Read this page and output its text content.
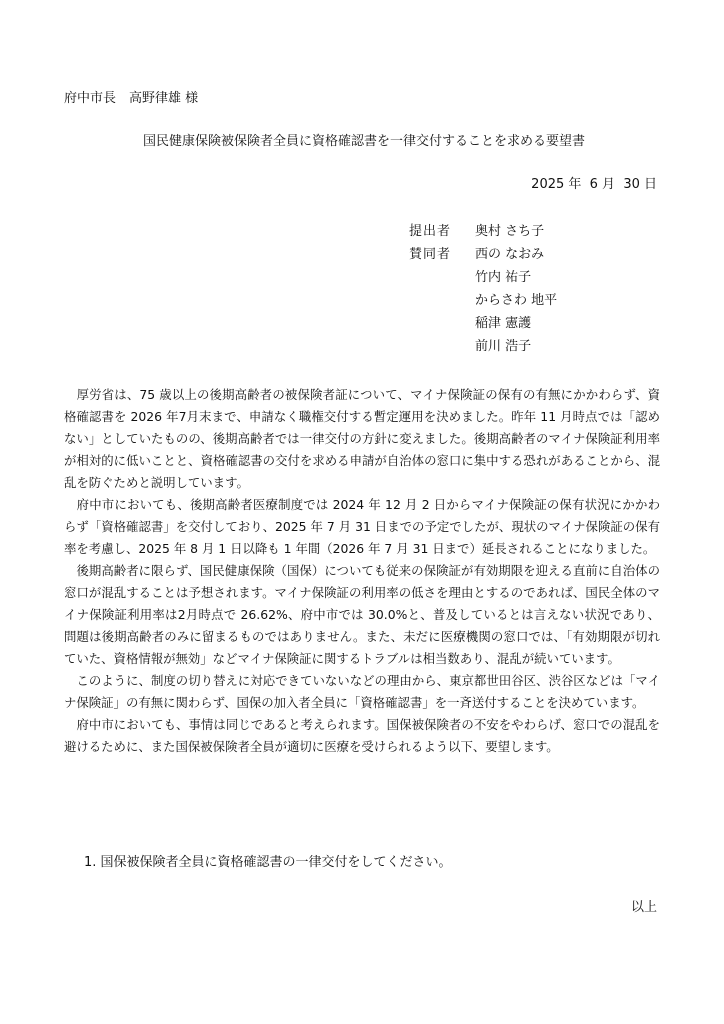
府中市長　高野律雄 様
国民健康保険被保険者全員に資格確認書を一律交付することを求める要望書
2025 年  6 月  30 日
提出者 奥村 さち子
賛同者 西の なおみ
竹内 祐子
からさわ 地平
稲津 憲護
前川 浩子

　厚労省は、75 歳以上の後期高齢者の被保険者証について、マイナ保険証の保有の有無にかかわらず、資格確認書を 2026 年7月末まで、申請なく職権交付する暫定運用を決めました。昨年 11 月時点では「認めない」としていたものの、後期高齢者では一律交付の方針に変えました。後期高齢者のマイナ保険証利用率が相対的に低いことと、資格確認書の交付を求める申請が自治体の窓口に集中する恐れがあることから、混乱を防ぐためと説明しています。

　府中市においても、後期高齢者医療制度では 2024 年 12 月 2 日からマイナ保険証の保有状況にかかわらず「資格確認書」を交付しており、2025 年 7 月 31 日までの予定でしたが、現状のマイナ保険証の保有率を考慮し、2025 年 8 月 1 日以降も 1 年間（2026 年 7 月 31 日まで）延長されることになりました。

　後期高齢者に限らず、国民健康保険（国保）についても従来の保険証が有効期限を迎える直前に自治体の窓口が混乱することは予想されます。マイナ保険証の利用率の低さを理由とするのであれば、国民全体のマイナ保険証利用率は2月時点で 26.62%、府中市では 30.0%と、普及しているとは言えない状況であり、問題は後期高齢者のみに留まるものではありません。また、未だに医療機関の窓口では、「有効期限が切れていた、資格情報が無効」などマイナ保険証に関するトラブルは相当数あり、混乱が続いています。

　このように、制度の切り替えに対応できていないなどの理由から、東京都世田谷区、渋谷区などは「マイナ保険証」の有無に関わらず、国保の加入者全員に「資格確認書」を一斉送付することを決めています。

　府中市においても、事情は同じであると考えられます。国保被保険者の不安をやわらげ、窓口での混乱を避けるために、また国保被保険者全員が適切に医療を受けられるよう以下、要望します。

1. 国保被保険者全員に資格確認書の一律交付をしてください。
以上
